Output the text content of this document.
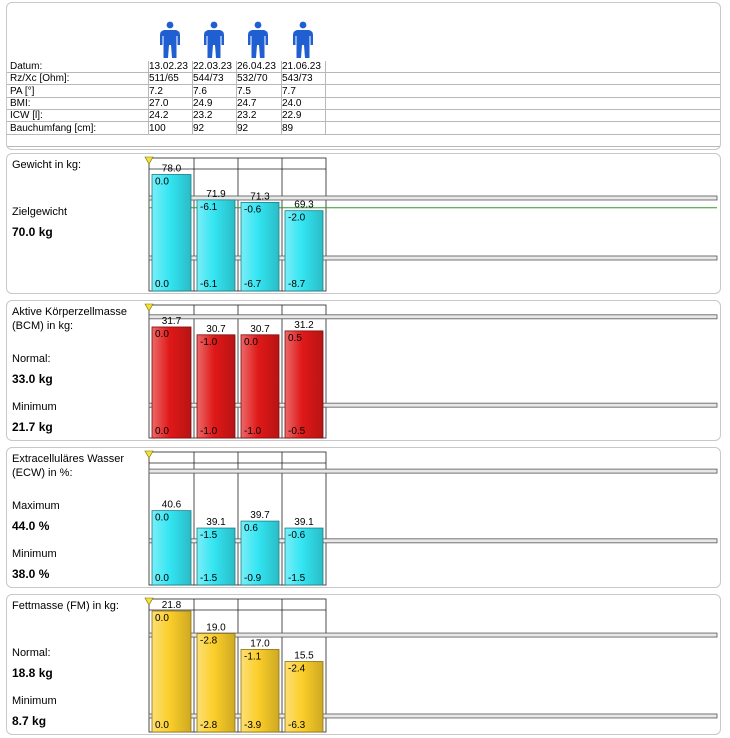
Datum:	13.02.23 22.03.23 26.04.23 21.06.23
Rz/Xc [Ohm]:	511/65 544/73 532/70 543/73
PA [°]	7.2	7.6	7.5	7.7
BMI:	27.0 24.9 24.7	24.0
ICW [l]:	24.2 23.2 23.2	22.9
Bauchumfang [cm]:	100	92	92	89
Gewicht in kg:
Zielgewicht
70.0 kg
78.0
0.0
0.0
71.9
-6.1
-6.1
71.3
-0.6
-6.7
69.3
-2.0
-8.7
Aktive Körperzellmasse (BCM) in kg:
Normal:
33.0 kg
Minimum
21.7 kg
31.7
0.0
0.0
30.7
-1.0
-1.0
30.7
0.0
-1.0
31.2
0.5
-0.5
Extracelluläres Wasser (ECW) in %:
Maximum
44.0 %
Minimum
38.0 %
40.6
0.0
0.0
39.1
-1.5
-1.5
39.7
0.6
-0.9
39.1
-0.6
-1.5
Fettmasse (FM) in kg:
Normal:
18.8 kg
Minimum
8.7 kg
21.8
0.0
0.0
19.0
-2.8
-2.8
17.0
-1.1
-3.9
15.5
-2.4
-6.3
